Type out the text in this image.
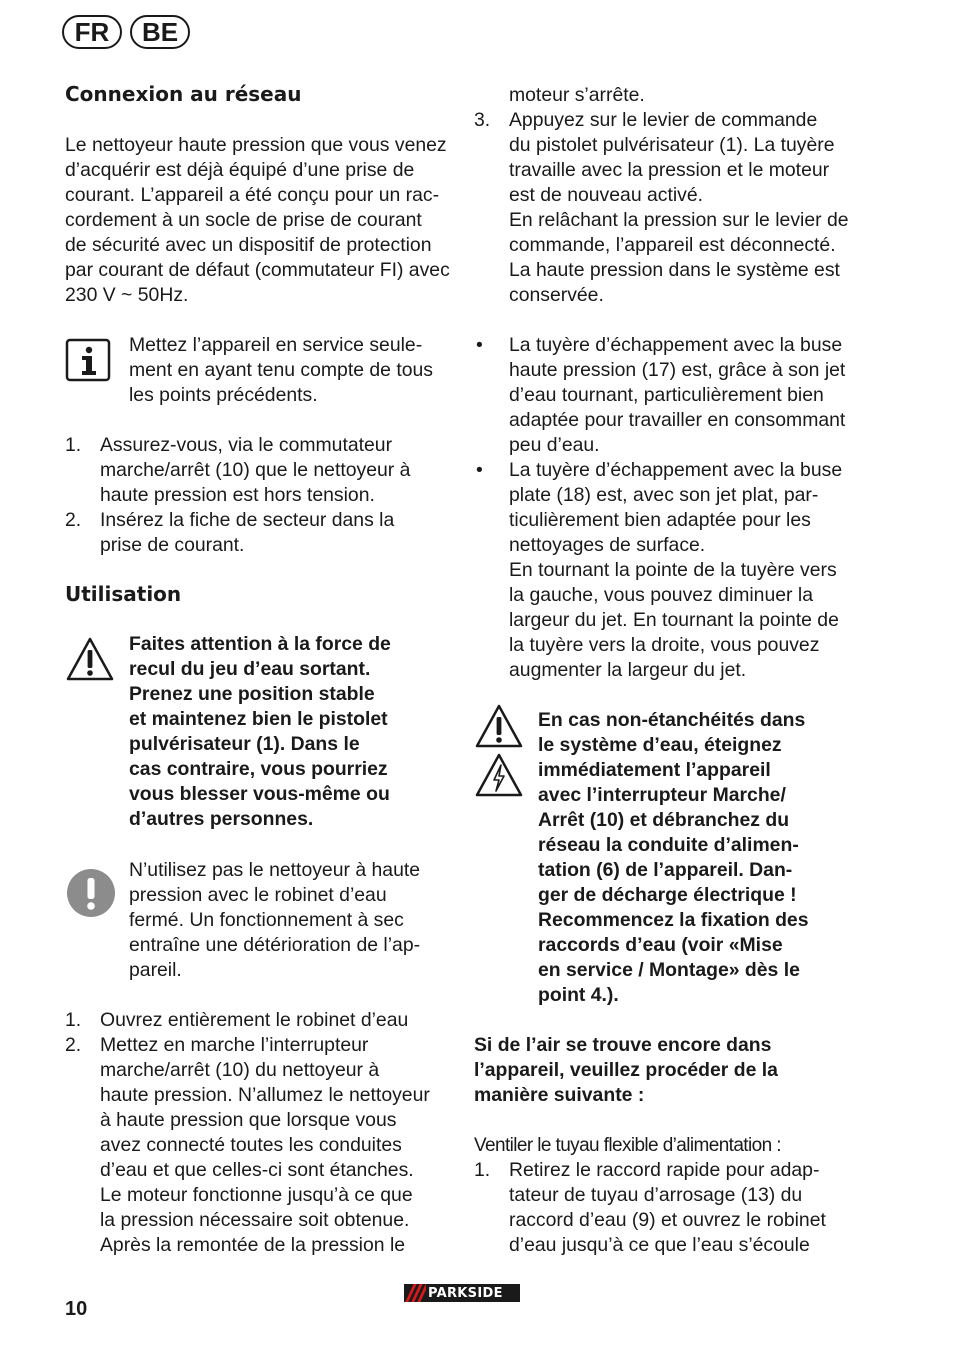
FR	BE
Connexion au réseau
Le nettoyeur haute pression que vous venez
d’acquérir est déjà équipé d’une prise de
courant. L’appareil a été conçu pour un rac-
cordement à un socle de prise de courant
de sécurité avec un dispositif de protection
par courant de défaut (commutateur FI) avec
230 V ~ 50Hz.
Mettez l’appareil en service seule-
ment en ayant tenu compte de tous
les points précédents.
1. Assurez-vous, via le commutateur
marche/arrêt (10) que le nettoyeur à
haute pression est hors tension.
2. Insérez la fiche de secteur dans la
prise de courant.
Utilisation
Faites attention à la force de
recul du jeu d’eau sortant.
Prenez une position stable
et maintenez bien le pistolet
pulvérisateur (1). Dans le
cas contraire, vous pourriez
vous blesser vous-même ou
d’autres personnes.
N’utilisez pas le nettoyeur à haute
pression avec le robinet d’eau
fermé. Un fonctionnement à sec
entraîne une détérioration de l’ap-
pareil.
1. Ouvrez entièrement le robinet d’eau
2. Mettez en marche l’interrupteur
marche/arrêt (10) du nettoyeur à
haute pression. N’allumez le nettoyeur
à haute pression que lorsque vous
avez connecté toutes les conduites
d’eau et que celles-ci sont étanches.
Le moteur fonctionne jusqu’à ce que
la pression nécessaire soit obtenue.
Après la remontée de la pression le
moteur s’arrête.
3. Appuyez sur le levier de commande
du pistolet pulvérisateur (1). La tuyère
travaille avec la pression et le moteur
est de nouveau activé.
En relâchant la pression sur le levier de
commande, l’appareil est déconnecté.
La haute pression dans le système est
conservée.
• La tuyère d’échappement avec la buse
haute pression (17) est, grâce à son jet
d’eau tournant, particulièrement bien
adaptée pour travailler en consommant
peu d’eau.
• La tuyère d’échappement avec la buse
plate (18) est, avec son jet plat, par-
ticulièrement bien adaptée pour les
nettoyages de surface.
En tournant la pointe de la tuyère vers
la gauche, vous pouvez diminuer la
largeur du jet. En tournant la pointe de
la tuyère vers la droite, vous pouvez
augmenter la largeur du jet.
En cas non-étanchéités dans
le système d’eau, éteignez
immédiatement l’appareil
avec l’interrupteur Marche/
Arrêt (10) et débranchez du
réseau la conduite d’alimen-
tation (6) de l’appareil. Dan-
ger de décharge électrique !
Recommencez la fixation des
raccords d’eau (voir «Mise
en service / Montage» dès le
point 4.).
Si de l’air se trouve encore dans
l’appareil, veuillez procéder de la
manière suivante :
Ventiler le tuyau flexible d’alimentation :
1. Retirez le raccord rapide pour adap-
tateur de tuyau d’arrosage (13) du
raccord d’eau (9) et ouvrez le robinet
d’eau jusqu’à ce que l’eau s’écoule
10
PARKSIDE
